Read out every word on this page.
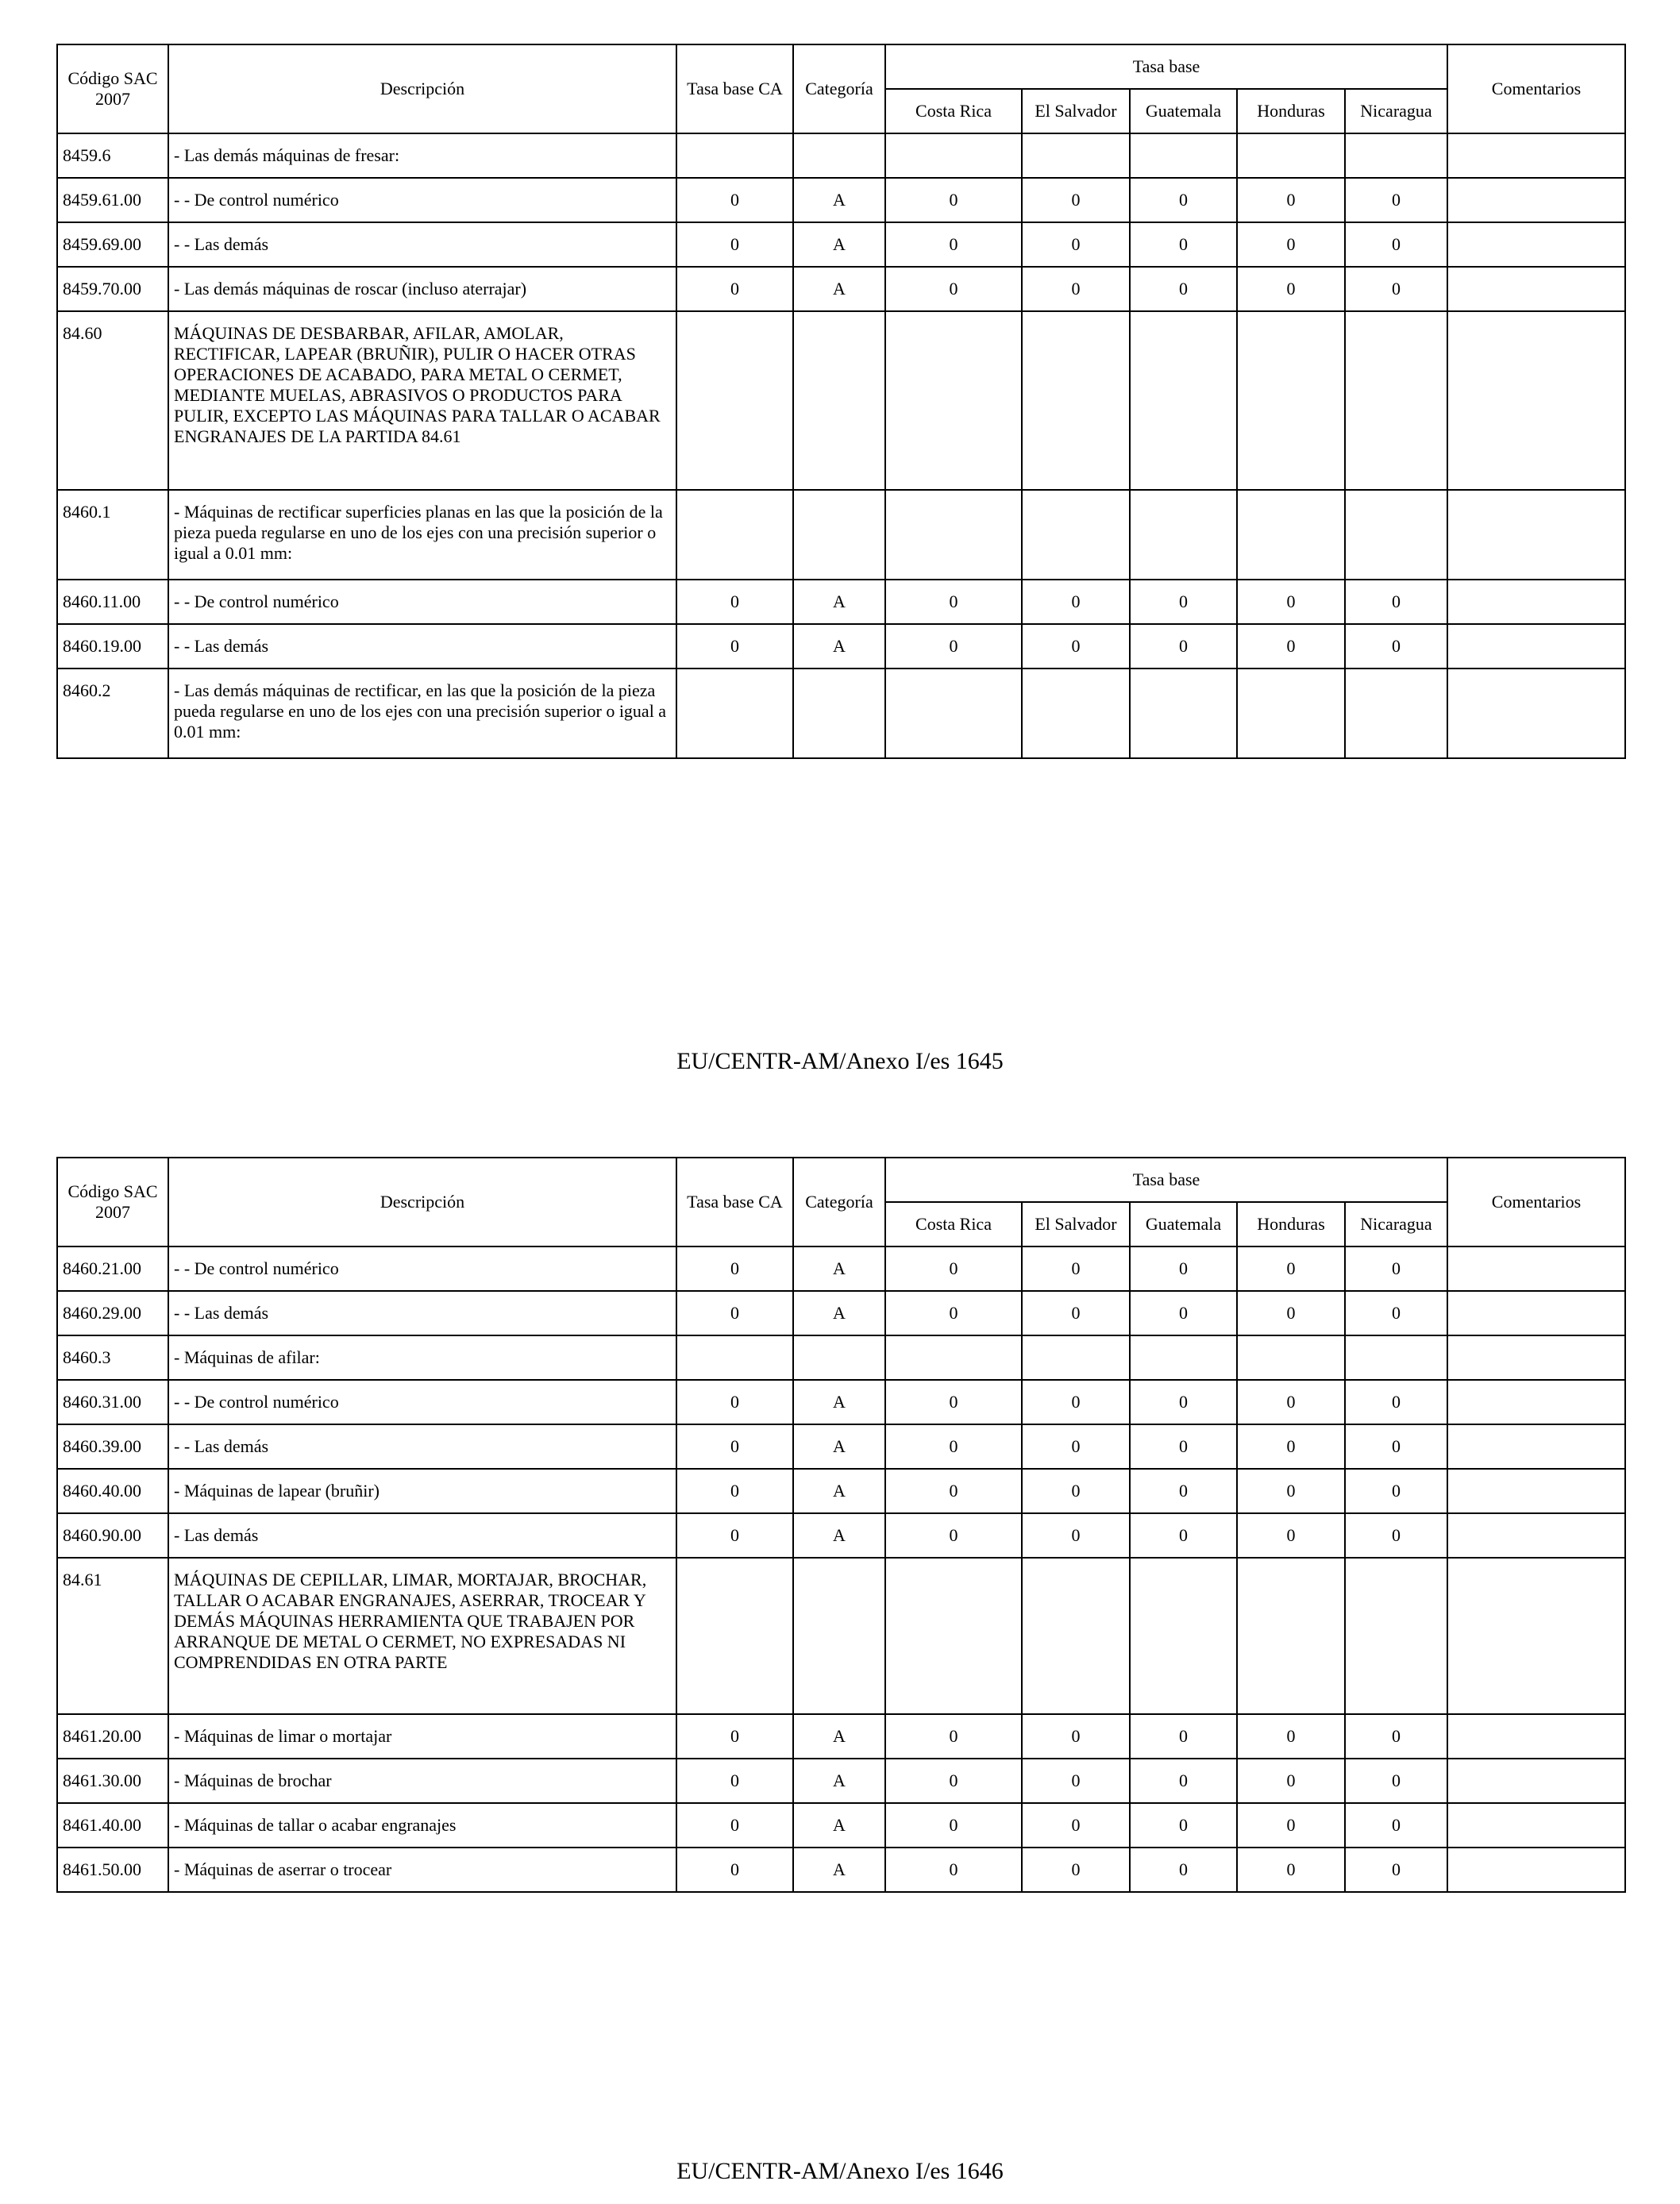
Código SAC 2007	Descripción	Tasa base CA	Categoría	Tasa base					Comentarios
				Costa Rica	El Salvador	Guatemala	Honduras	Nicaragua	
8459.6	- Las demás máquinas de fresar:								
8459.61.00	- - De control numérico	0	A	0	0	0	0	0	
8459.69.00	- - Las demás	0	A	0	0	0	0	0	
8459.70.00	- Las demás máquinas de roscar (incluso aterrajar)	0	A	0	0	0	0	0	
84.60	MÁQUINAS DE DESBARBAR, AFILAR, AMOLAR, RECTIFICAR, LAPEAR (BRUÑIR), PULIR O HACER OTRAS OPERACIONES DE ACABADO, PARA METAL O CERMET, MEDIANTE MUELAS, ABRASIVOS O PRODUCTOS PARA PULIR, EXCEPTO LAS MÁQUINAS PARA TALLAR O ACABAR ENGRANAJES DE LA PARTIDA 84.61								
8460.1	- Máquinas de rectificar superficies planas en las que la posición de la pieza pueda regularse en uno de los ejes con una precisión superior o igual a 0.01 mm:								
8460.11.00	- - De control numérico	0	A	0	0	0	0	0	
8460.19.00	- - Las demás	0	A	0	0	0	0	0	
8460.2	- Las demás máquinas de rectificar, en las que la posición de la pieza pueda regularse en uno de los ejes con una precisión superior o igual a 0.01 mm:								
EU/CENTR-AM/Anexo I/es 1645
Código SAC 2007	Descripción	Tasa base CA	Categoría	Tasa base					Comentarios
				Costa Rica	El Salvador	Guatemala	Honduras	Nicaragua	
8460.21.00	- - De control numérico	0	A	0	0	0	0	0	
8460.29.00	- - Las demás	0	A	0	0	0	0	0	
8460.3	- Máquinas de afilar:								
8460.31.00	- - De control numérico	0	A	0	0	0	0	0	
8460.39.00	- - Las demás	0	A	0	0	0	0	0	
8460.40.00	- Máquinas de lapear (bruñir)	0	A	0	0	0	0	0	
8460.90.00	- Las demás	0	A	0	0	0	0	0	
84.61	MÁQUINAS DE CEPILLAR, LIMAR, MORTAJAR, BROCHAR, TALLAR O ACABAR ENGRANAJES, ASERRAR, TROCEAR Y DEMÁS MÁQUINAS HERRAMIENTA QUE TRABAJEN POR ARRANQUE DE METAL O CERMET, NO EXPRESADAS NI COMPRENDIDAS EN OTRA PARTE								
8461.20.00	- Máquinas de limar o mortajar	0	A	0	0	0	0	0	
8461.30.00	- Máquinas de brochar	0	A	0	0	0	0	0	
8461.40.00	- Máquinas de tallar o acabar engranajes	0	A	0	0	0	0	0	
8461.50.00	- Máquinas de aserrar o trocear	0	A	0	0	0	0	0	
EU/CENTR-AM/Anexo I/es 1646
